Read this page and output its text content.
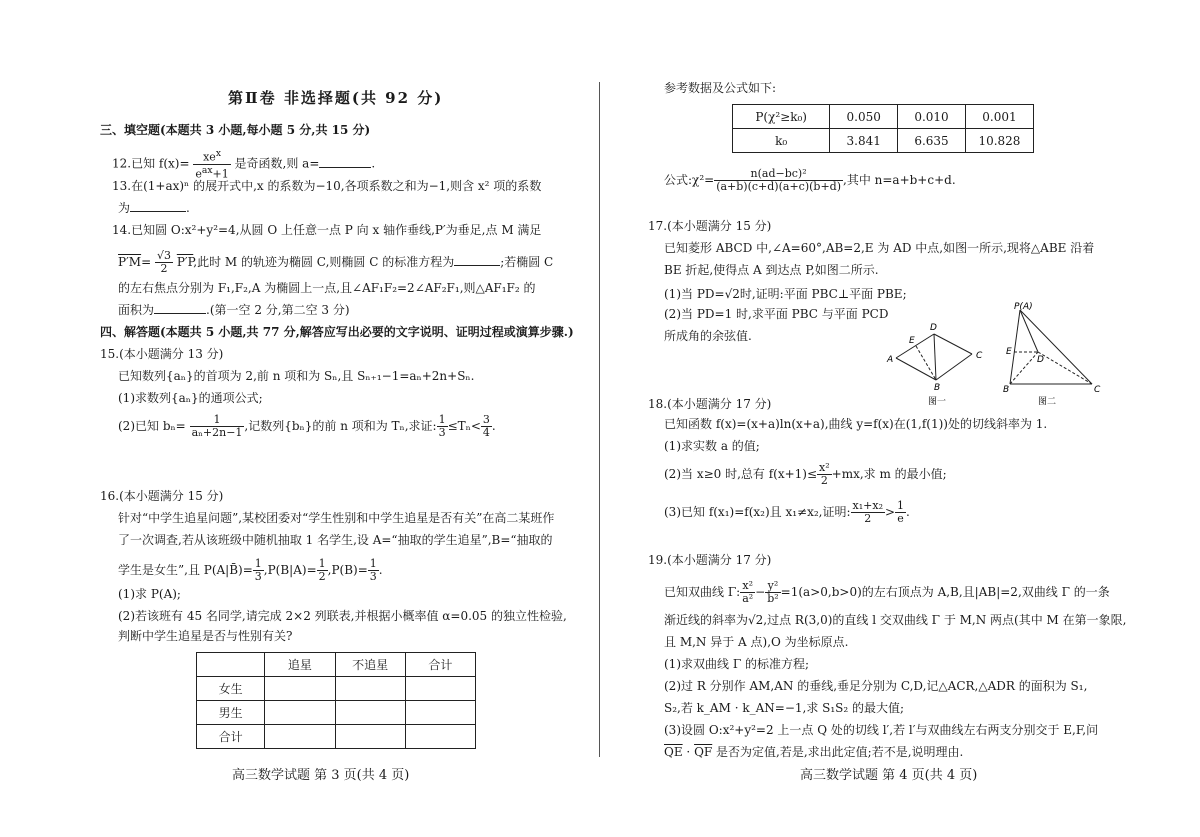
第Ⅱ卷 非选择题(共 92 分)
三、填空题(本题共 3 小题,每小题 5 分,共 15 分)
12.已知 f(x)=	$xe^x$
$e^{ax}+1$
是奇函数,则 a=	.
13.在(1+ax)ⁿ 的展开式中,x 的系数为−10,各项系数之和为−1,则含 x² 项的系数
为	.
14.已知圆 O:x²+y²=4,从圆 O 上任意一点 P 向 x 轴作垂线,P′为垂足,点 M 满足
$P'M= \frac{√3}{2} P'P$,此时 M 的轨迹为椭圆 C,则椭圆 C 的标准方程为	;若椭圆 C
的左右焦点分别为 F₁,F₂,A 为椭圆上一点,且∠AF₁F₂=2∠AF₂F₁,则△AF₁F₂ 的
面积为	.(第一空 2 分,第二空 3 分)
四、解答题(本题共 5 小题,共 77 分,解答应写出必要的文字说明、证明过程或演算步骤.)
15.(本小题满分 13 分)
已知数列{aₙ}的首项为 2,前 n 项和为 Sₙ,且 Sₙ₊₁−1=aₙ+2n+Sₙ.
(1)求数列{aₙ}的通项公式;
(2)已知 $b_n= \frac{1}{\text{aₙ+2n−1}}$ ,记数列{bₙ}的前 n 项和为 Tₙ,求证: $\frac{1}{3} \le T_n< \frac{3}{4}$ .
16.(本小题满分 15 分)
针对“中学生追星问题”,某校团委对“学生性别和中学生追星是否有关”在高二某班作
了一次调查,若从该班级中随机抽取 1 名学生,设 A=“抽取的学生追星”,B=“抽取的
学生是女生”,且 P(A|B̄)= $\frac{1}{3} ,P(B|A)= \frac{1}{2} ,P(B)= \frac{1}{3}$ .
(1)求 P(A);
(2)若该班有 45 名同学,请完成 2×2 列联表,并根据小概率值 α=0.05 的独立性检验,
判断中学生追星是否与性别有关?
	追星	不追星	合计
女生			
男生			
合计			
高三数学试题 第 3 页(共 4 页)
参考数据及公式如下:
P(χ²≥k₀)	0.050	0.010	0.001
k₀	3.841	6.635	10.828
公式:χ²= $\frac{\text{n(ad−bc)²}}{(a+b)(c+d)(a+c)(b+d)}$ ,其中 n=a+b+c+d.
17.(本小题满分 15 分)
已知菱形 ABCD 中,∠A=60°,AB=2,E 为 AD 中点,如图一所示,现将△ABE 沿着
BE 折起,使得点 A 到达点 P,如图二所示.
(1)当 PD=√2时,证明:平面 PBC⊥平面 PBE;
(2)当 PD=1 时,求平面 PBC 与平面 PCD
所成角的余弦值.
A
E
D
C
B
图一
P(A)
E
D
B	C
图二
18.(本小题满分 17 分)
已知函数 f(x)=(x+a)ln(x+a),曲线 y=f(x)在(1,f(1))处的切线斜率为 1.
(1)求实数 a 的值;
(2)当 x≥0 时,总有 $f(x+1)\le \frac{\text{x²}}{2} +mx$,求 m 的最小值;
(3)已知 f(x₁)=f(x₂)且 x₁≠x₂,证明: $\frac{\text{x₁+x₂}}{2} > \frac{1}{e}$ .
19.(本小题满分 17 分)
已知双曲线 Γ: $\frac{\text{x²}}{\text{a²}} - \frac{\text{y²}}{\text{b²}} =1(a>0,b>0)$的左右顶点为 A,B,且|AB|=2,双曲线 Γ 的一条
渐近线的斜率为√2,过点 R(3,0)的直线 l 交双曲线 Γ 于 M,N 两点(其中 M 在第一象限,
且 M,N 异于 A 点),O 为坐标原点.
(1)求双曲线 Γ 的标准方程;
(2)过 R 分别作 AM,AN 的垂线,垂足分别为 C,D,记△ACR,△ADR 的面积为 S₁,
S₂,若 k_AM · k_AN=−1,求 S₁S₂ 的最大值;
(3)设圆 O:x²+y²=2 上一点 Q 处的切线 l′,若 l′与双曲线左右两支分别交于 E,F,问
$\overline{QE} \cdot \overline{QF}$ 是否为定值,若是,求出此定值;若不是,说明理由.
高三数学试题 第 4 页(共 4 页)
